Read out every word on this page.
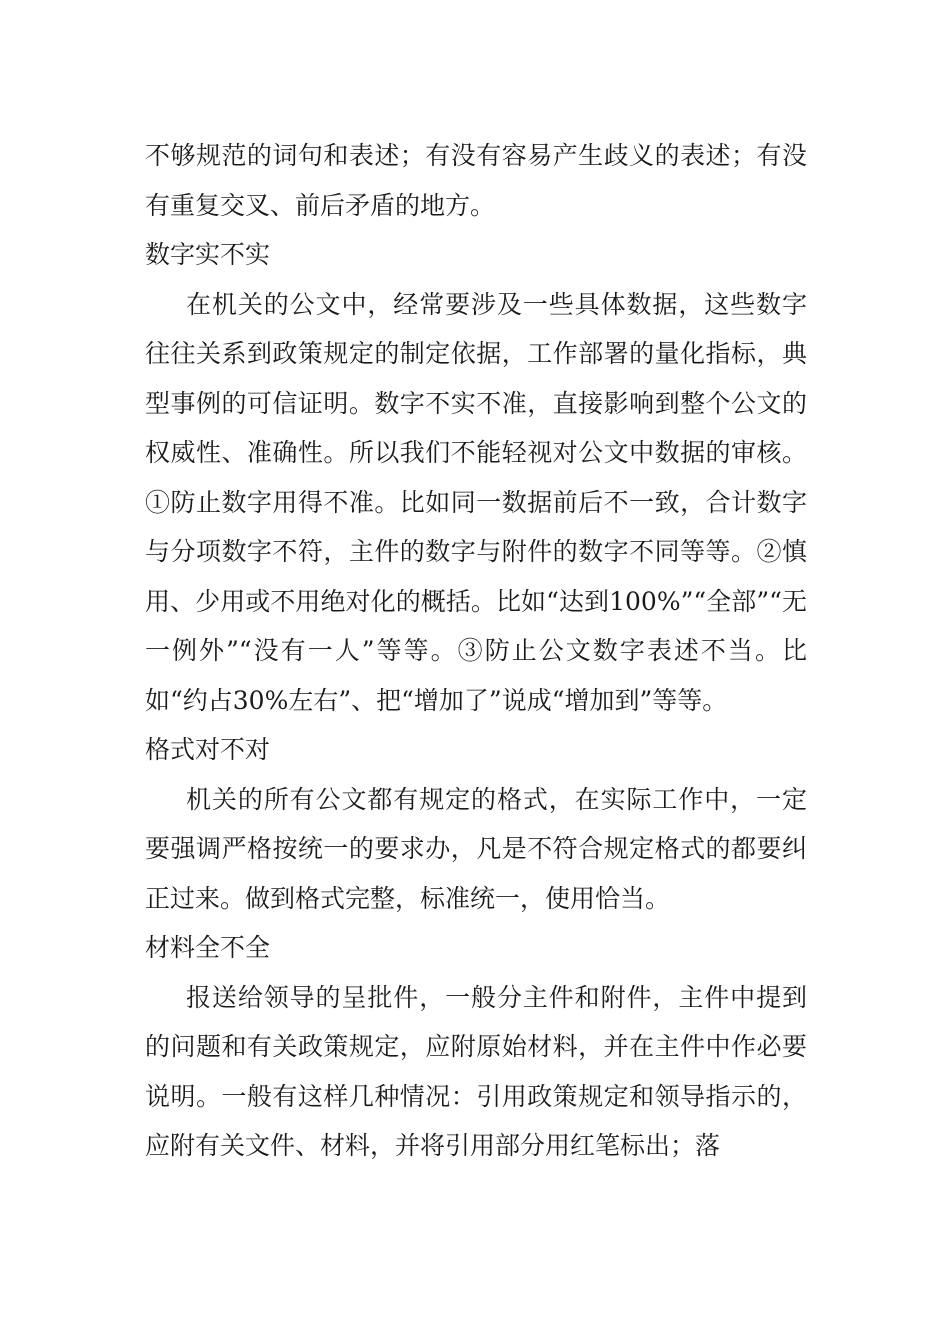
不够规范的词句和表述；有没有容易产生歧义的表述；有没有重复交叉、前后矛盾的地方。

数字实不实

在机关的公文中，经常要涉及一些具体数据，这些数字往往关系到政策规定的制定依据，工作部署的量化指标，典型事例的可信证明。数字不实不准，直接影响到整个公文的权威性、准确性。所以我们不能轻视对公文中数据的审核。①防止数字用得不准。比如同一数据前后不一致，合计数字与分项数字不符，主件的数字与附件的数字不同等等。②慎用、少用或不用绝对化的概括。比如“达到100%”“全部”“无一例外”“没有一人”等等。③防止公文数字表述不当。比如“约占30%左右”、把“增加了”说成“增加到”等等。

格式对不对

机关的所有公文都有规定的格式，在实际工作中，一定要强调严格按统一的要求办，凡是不符合规定格式的都要纠正过来。做到格式完整，标准统一，使用恰当。

材料全不全

报送给领导的呈批件，一般分主件和附件，主件中提到的问题和有关政策规定，应附原始材料，并在主件中作必要说明。一般有这样几种情况：引用政策规定和领导指示的，应附有关文件、材料，并将引用部分用红笔标出；落
